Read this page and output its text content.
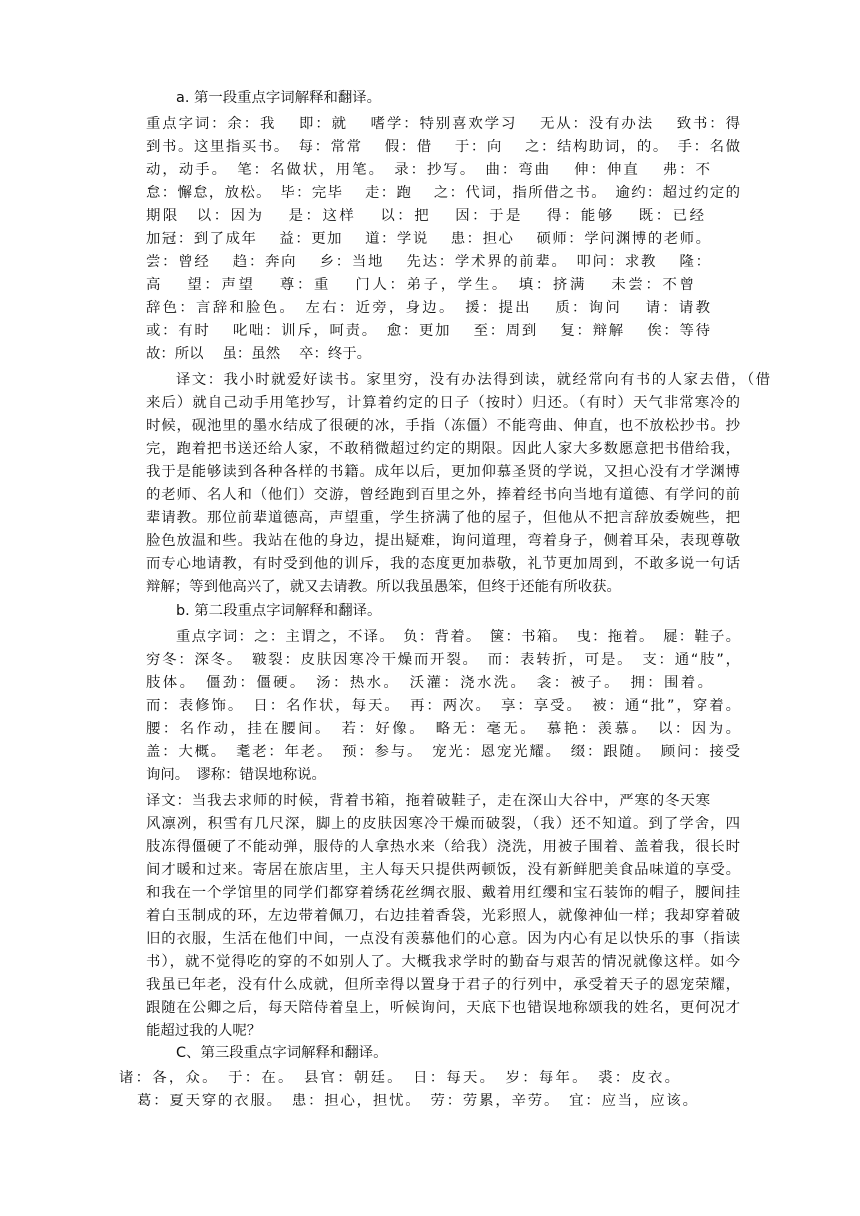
a. 第一段重点字词解释和翻译。
重点字词：余：我　 即：就　 嗜学：特别喜欢学习　 无从：没有办法　 致书：得
到书。这里指买书。　每：常常　 假：借　 于：向　 之：结构助词，的。　手：名做
动，动手。　笔：名做状，用笔。　录：抄写。　曲：弯曲　 伸：伸直　 弗：不
怠：懈怠，放松。　毕：完毕　 走：跑　 之：代词，指所借之书。　逾约：超过约定的
期限　以：因为　 是：这样　 以：把　 因：于是　 得：能够　 既：已经
加冠：到了成年　 益：更加　 道：学说　 患：担心　 硕师：学问渊博的老师。
尝：曾经　 趋：奔向　 乡：当地　 先达：学术界的前辈。　叩问：求教　 隆：
高　 望：声望　 尊：重　 门人：弟子，学生。　填：挤满　 未尝：不曾
辞色：言辞和脸色。　左右：近旁，身边。　援：提出　 质：询问　 请：请教
或：有时　 叱咄：训斥，呵责。　愈：更加　 至：周到　 复：辩解　 俟：等待
故：所以　 虽：虽然　 卒：终于。
译文：我小时就爱好读书。家里穷，没有办法得到读，就经常向有书的人家去借，（借
来后）就自己动手用笔抄写，计算着约定的日子（按时）归还。（有时）天气非常寒冷的
时候，砚池里的墨水结成了很硬的冰，手指（冻僵）不能弯曲、伸直，也不放松抄书。抄
完，跑着把书送还给人家，不敢稍微超过约定的期限。因此人家大多数愿意把书借给我，
我于是能够读到各种各样的书籍。成年以后，更加仰慕圣贤的学说，又担心没有才学渊博
的老师、名人和（他们）交游，曾经跑到百里之外，捧着经书向当地有道德、有学问的前
辈请教。那位前辈道德高，声望重，学生挤满了他的屋子，但他从不把言辞放委婉些，把
脸色放温和些。我站在他的身边，提出疑难，询问道理，弯着身子，侧着耳朵，表现尊敬
而专心地请教，有时受到他的训斥，我的态度更加恭敬，礼节更加周到，不敢多说一句话
辩解；等到他高兴了，就又去请教。所以我虽愚笨，但终于还能有所收获。
b. 第二段重点字词解释和翻译。
重点字词：之：主谓之，不译。　负：背着。　箧：书箱。　曳：拖着。　屣：鞋子。
穷冬：深冬。　皲裂：皮肤因寒冷干燥而开裂。　而：表转折，可是。　支：通“肢”，
肢体。　僵劲：僵硬。　汤：热水。　沃灌：浇水洗。　衾：被子。　拥：围着。
而：表修饰。　日：名作状，每天。　再：两次。　享：享受。　被：通“批”，穿着。
腰：名作动，挂在腰间。　若：好像。　略无：毫无。　慕艳：羡慕。　以：因为。
盖：大概。　耄老：年老。　预：参与。　宠光：恩宠光耀。　缀：跟随。　顾问：接受
询问。　谬称：错误地称说。
译文：当我去求师的时候，背着书箱，拖着破鞋子，走在深山大谷中，严寒的冬天寒
风凛冽，积雪有几尺深，脚上的皮肤因寒冷干燥而破裂，（我）还不知道。到了学舍，四
肢冻得僵硬了不能动弹，服侍的人拿热水来（给我）浇洗，用被子围着、盖着我，很长时
间才暖和过来。寄居在旅店里，主人每天只提供两顿饭，没有新鲜肥美食品味道的享受。
和我在一个学馆里的同学们都穿着绣花丝绸衣服、戴着用红缨和宝石装饰的帽子，腰间挂
着白玉制成的环，左边带着佩刀，右边挂着香袋，光彩照人，就像神仙一样；我却穿着破
旧的衣服，生活在他们中间，一点没有羡慕他们的心意。因为内心有足以快乐的事（指读
书），就不觉得吃的穿的不如别人了。大概我求学时的勤奋与艰苦的情况就像这样。如今
我虽已年老，没有什么成就，但所幸得以置身于君子的行列中，承受着天子的恩宠荣耀，
跟随在公卿之后，每天陪侍着皇上，听候询问，天底下也错误地称颂我的姓名，更何况才
能超过我的人呢？
C、第三段重点字词解释和翻译。
诸：各，众。　于：在。　县官：朝廷。　日：每天。　岁：每年。　裘：皮衣。
葛：夏天穿的衣服。　患：担心，担忧。　劳：劳累，辛劳。　宜：应当，应该。
